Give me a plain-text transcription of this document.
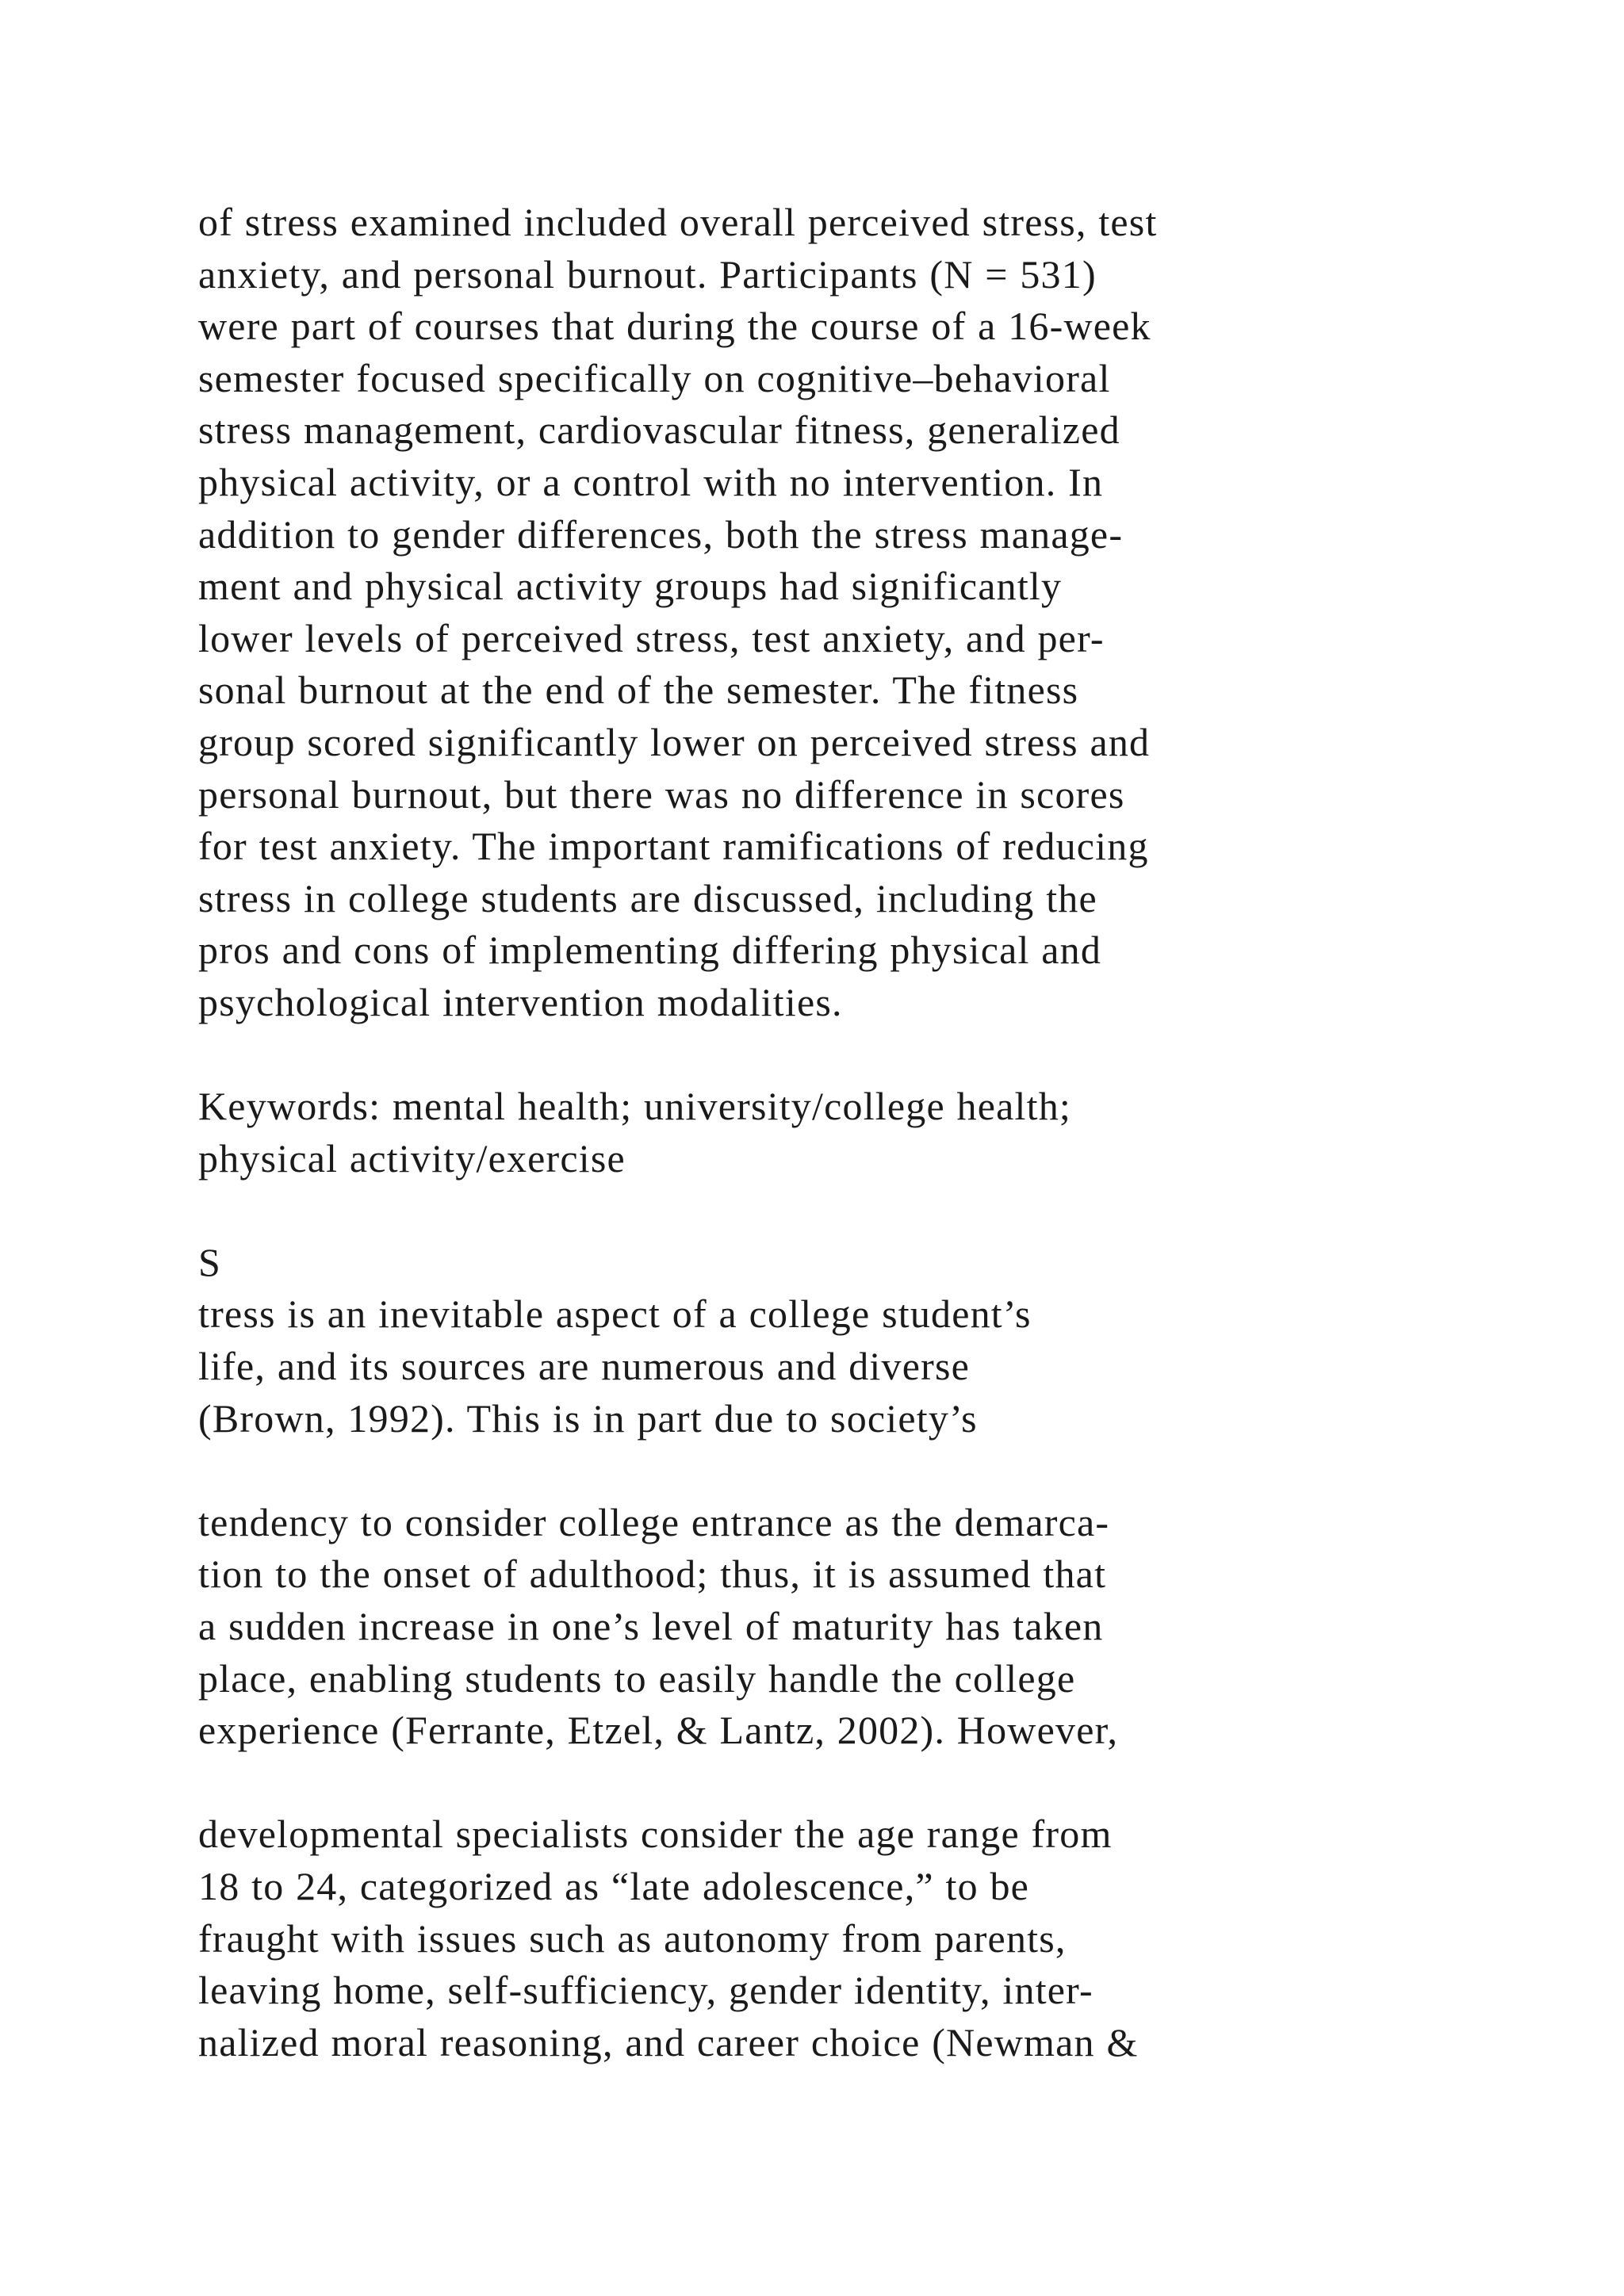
of stress examined included overall perceived stress, test
anxiety, and personal burnout. Participants (N = 531)
were part of courses that during the course of a 16-week
semester focused specifically on cognitive–behavioral
stress management, cardiovascular fitness, generalized
physical activity, or a control with no intervention. In
addition to gender differences, both the stress manage-
ment and physical activity groups had significantly
lower levels of perceived stress, test anxiety, and per-
sonal burnout at the end of the semester. The fitness
group scored significantly lower on perceived stress and
personal burnout, but there was no difference in scores
for test anxiety. The important ramifications of reducing
stress in college students are discussed, including the
pros and cons of implementing differing physical and
psychological intervention modalities.
Keywords: mental health; university/college health;
physical activity/exercise
S
tress is an inevitable aspect of a college student’s
life, and its sources are numerous and diverse
(Brown, 1992). This is in part due to society’s
tendency to consider college entrance as the demarca-
tion to the onset of adulthood; thus, it is assumed that
a sudden increase in one’s level of maturity has taken
place, enabling students to easily handle the college
experience (Ferrante, Etzel, & Lantz, 2002). However,
developmental specialists consider the age range from
18 to 24, categorized as “late adolescence,” to be
fraught with issues such as autonomy from parents,
leaving home, self-sufficiency, gender identity, inter-
nalized moral reasoning, and career choice (Newman &
